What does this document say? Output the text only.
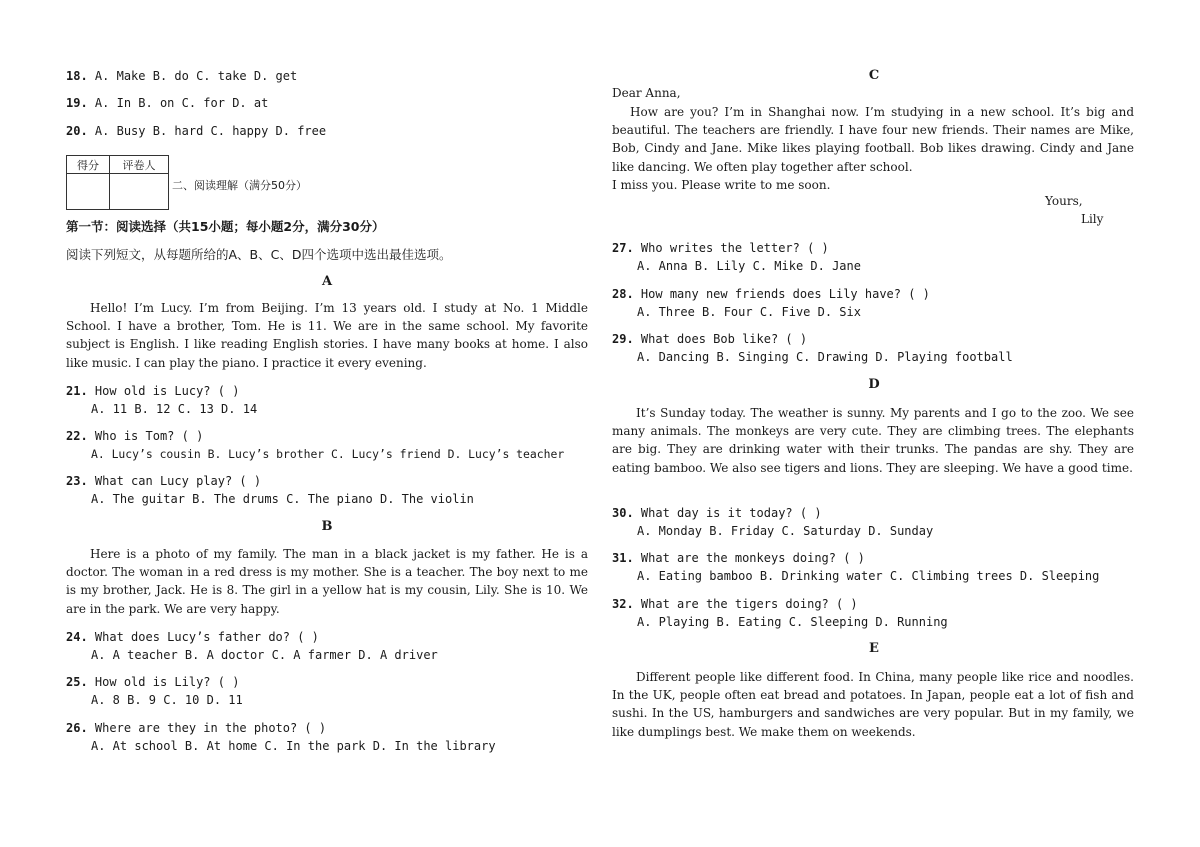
18. A. Make B. do C. take D. get
19. A. In B. on C. for D. at
20. A. Busy B. hard C. happy D. free
得分	评卷人

二、阅读理解（满分50分）
第一节：阅读选择（共15小题；每小题2分，满分30分）
阅读下列短文，从每题所给的A、B、C、D四个选项中选出最佳选项。
A

Hello! I’m Lucy. I’m from Beijing. I’m 13 years old. I study at No. 1 Middle School. I have a brother, Tom. He is 11. We are in the same school. My favorite subject is English. I like reading English stories. I have many books at home. I also like music. I can play the piano. I practice it every evening.

21. How old is Lucy? ( )
A. 11 B. 12 C. 13 D. 14
22. Who is Tom? ( )
A. Lucy’s cousin B. Lucy’s brother C. Lucy’s friend D. Lucy’s teacher
23. What can Lucy play? ( )
A. The guitar B. The drums C. The piano D. The violin
B

Here is a photo of my family. The man in a black jacket is my father. He is a doctor. The woman in a red dress is my mother. She is a teacher. The boy next to me is my brother, Jack. He is 8. The girl in a yellow hat is my cousin, Lily. She is 10. We are in the park. We are very happy.

24. What does Lucy’s father do? ( )
A. A teacher B. A doctor C. A farmer D. A driver
25. How old is Lily? ( )
A. 8 B. 9 C. 10 D. 11
26. Where are they in the photo? ( )
A. At school B. At home C. In the park D. In the library
C
Dear Anna,

How are you? I’m in Shanghai now. I’m studying in a new school. It’s big and beautiful. The teachers are friendly. I have four new friends. Their names are Mike, Bob, Cindy and Jane. Mike likes playing football. Bob likes drawing. Cindy and Jane like dancing. We often play together after school.

I miss you. Please write to me soon.

Yours,
Lily
27. Who writes the letter? ( )
A. Anna B. Lily C. Mike D. Jane
28. How many new friends does Lily have? ( )
A. Three B. Four C. Five D. Six
29. What does Bob like? ( )
A. Dancing B. Singing C. Drawing D. Playing football
D

It’s Sunday today. The weather is sunny. My parents and I go to the zoo. We see many animals. The monkeys are very cute. They are climbing trees. The elephants are big. They are drinking water with their trunks. The pandas are shy. They are eating bamboo. We also see tigers and lions. They are sleeping. We have a good time.

30. What day is it today? ( )
A. Monday B. Friday C. Saturday D. Sunday
31. What are the monkeys doing? ( )
A. Eating bamboo B. Drinking water C. Climbing trees D. Sleeping
32. What are the tigers doing? ( )
A. Playing B. Eating C. Sleeping D. Running
E

Different people like different food. In China, many people like rice and noodles. In the UK, people often eat bread and potatoes. In Japan, people eat a lot of fish and sushi. In the US, hamburgers and sandwiches are very popular. But in my family, we like dumplings best. We make them on weekends.
